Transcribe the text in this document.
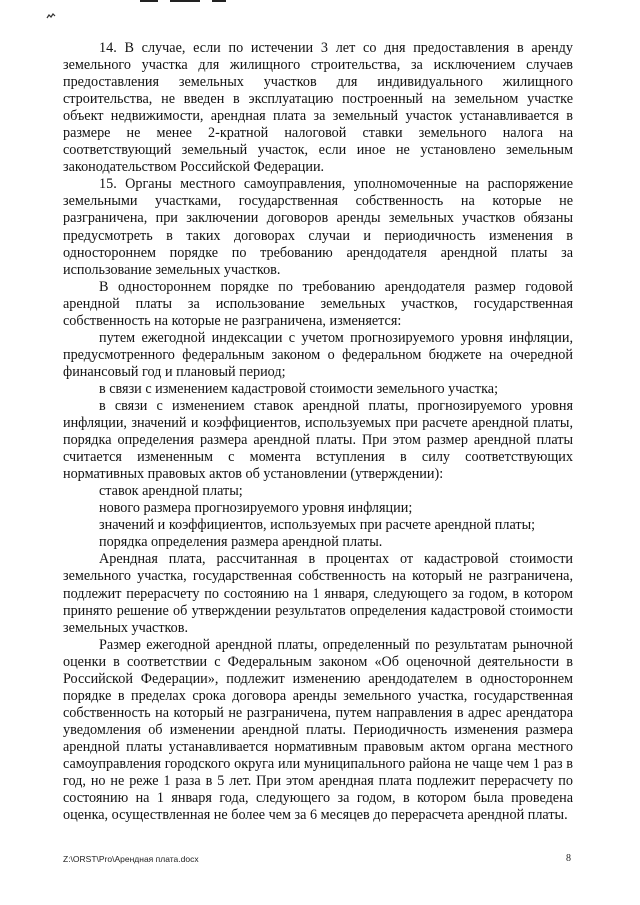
14. В случае, если по истечении 3 лет со дня предоставления в аренду земельного участка для жилищного строительства, за исключением случаев предоставления земельных участков для индивидуального жилищного строительства, не введен в эксплуатацию построенный на земельном участке объект недвижимости, арендная плата за земельный участок устанавливается в размере не менее 2-кратной налоговой ставки земельного налога на соответствующий земельный участок, если иное не установлено земельным законодательством Российской Федерации.

15. Органы местного самоуправления, уполномоченные на распоряжение земельными участками, государственная собственность на которые не разграничена, при заключении договоров аренды земельных участков обязаны предусмотреть в таких договорах случаи и периодичность изменения в одностороннем порядке по требованию арендодателя арендной платы за использование земельных участков.

В одностороннем порядке по требованию арендодателя размер годовой арендной платы за использование земельных участков, государственная собственность на которые не разграничена, изменяется:

путем ежегодной индексации с учетом прогнозируемого уровня инфляции, предусмотренного федеральным законом о федеральном бюджете на очередной финансовый год и плановый период;

в связи с изменением кадастровой стоимости земельного участка;

в связи с изменением ставок арендной платы, прогнозируемого уровня инфляции, значений и коэффициентов, используемых при расчете арендной платы, порядка определения размера арендной платы. При этом размер арендной платы считается измененным с момента вступления в силу соответствующих нормативных правовых актов об установлении (утверждении):

ставок арендной платы;

нового размера прогнозируемого уровня инфляции;

значений и коэффициентов, используемых при расчете арендной платы;

порядка определения размера арендной платы.

Арендная плата, рассчитанная в процентах от кадастровой стоимости земельного участка, государственная собственность на который не разграничена, подлежит перерасчету по состоянию на 1 января, следующего за годом, в котором принято решение об утверждении результатов определения кадастровой стоимости земельных участков.

Размер ежегодной арендной платы, определенный по результатам рыночной оценки в соответствии с Федеральным законом «Об оценочной деятельности в Российской Федерации», подлежит изменению арендодателем в одностороннем порядке в пределах срока договора аренды земельного участка, государственная собственность на который не разграничена, путем направления в адрес арендатора уведомления об изменении арендной платы. Периодичность изменения размера арендной платы устанавливается нормативным правовым актом органа местного самоуправления городского округа или муниципального района не чаще чем 1 раз в год, но не реже 1 раза в 5 лет. При этом арендная плата подлежит перерасчету по состоянию на 1 января года, следующего за годом, в котором была проведена оценка, осуществленная не более чем за 6 месяцев до перерасчета арендной платы.

Z:\ORST\Pro\Арендная плата.docx	8
